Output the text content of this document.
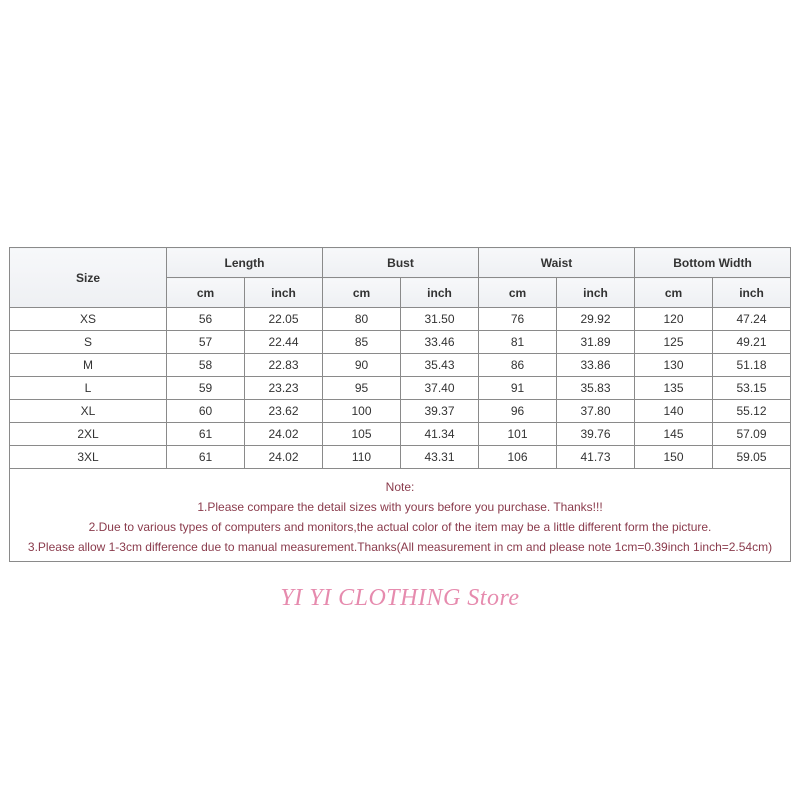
Size	Length		Bust		Waist		Bottom Width	
	cm	inch	cm	inch	cm	inch	cm	inch
XS	56	22.05	80	31.50	76	29.92	120	47.24
S	57	22.44	85	33.46	81	31.89	125	49.21
M	58	22.83	90	35.43	86	33.86	130	51.18
L	59	23.23	95	37.40	91	35.83	135	53.15
XL	60	23.62	100	39.37	96	37.80	140	55.12
2XL	61	24.02	105	41.34	101	39.76	145	57.09
3XL	61	24.02	110	43.31	106	41.73	150	59.05

Note:
1.Please compare the detail sizes with yours before you purchase. Thanks!!!
2.Due to various types of computers and monitors,the actual color of the item may be a little different form the picture.
3.Please allow 1-3cm difference due to manual measurement.Thanks(All measurement in cm and please note 1cm=0.39inch 1inch=2.54cm)								
YI YI CLOTHING Store
